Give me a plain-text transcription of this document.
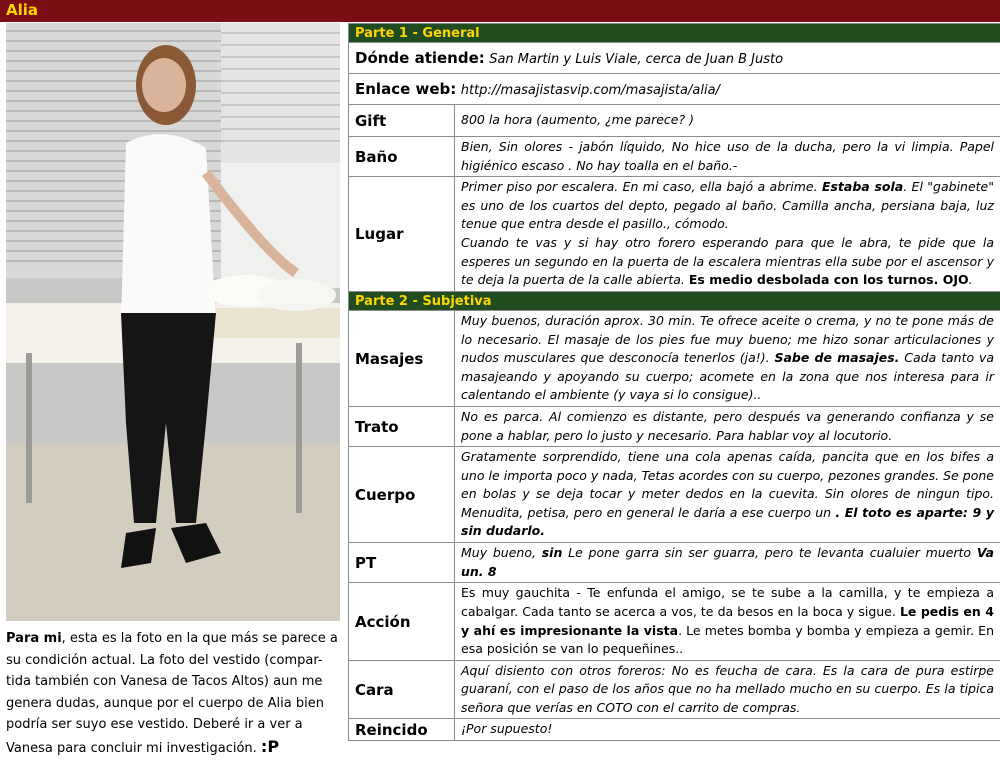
Alia
Para mi, esta es la foto en la que más se parece a su condición actual. La foto del vestido (compar-tida también con Vanesa de Tacos Altos) aun me genera dudas, aunque por el cuerpo de Alia bien podría ser suyo ese vestido. Deberé ir a ver a Vanesa para concluir mi investigación. :P
Parte 1 - General	
Dónde atiende: San Martin y Luis Viale, cerca de Juan B Justo	
Enlace web: http://masajistasvip.com/masajista/alia/	
Gift	800 la hora (aumento, ¿me parece? )
Baño	Bien, Sin olores - jabón líquido, No hice uso de la ducha, pero la vi limpia. Papel higiénico escaso . No hay toalla en el baño.-
Lugar	Primer piso por escalera. En mi caso, ella bajó a abrime. Estaba sola. El "gabinete" es uno de los cuartos del depto, pegado al baño. Camilla ancha, persiana baja, luz tenue que entra desde el pasillo., cómodo.
Cuando te vas y si hay otro forero esperando para que le abra, te pide que la esperes un segundo en la puerta de la escalera mientras ella sube por el ascensor y te deja la puerta de la calle abierta. Es medio desbolada con los turnos. OJO.
Parte 2 - Subjetiva	
Masajes	Muy buenos, duración aprox. 30 min. Te ofrece aceite o crema, y no te pone más de lo necesario. El masaje de los pies fue muy bueno; me hizo sonar articulaciones y nudos musculares que desconocía tenerlos (ja!). Sabe de masajes. Cada tanto va masajeando y apoyando su cuerpo; acomete en la zona que nos interesa para ir calentando el ambiente (y vaya si lo consigue)..
Trato	No es parca. Al comienzo es distante, pero después va generando confianza y se pone a hablar, pero lo justo y necesario. Para hablar voy al locutorio.
Cuerpo	Gratamente sorprendido, tiene una cola apenas caída, pancita que en los bifes a uno le importa poco y nada, Tetas acordes con su cuerpo, pezones grandes. Se pone en bolas y se deja tocar y meter dedos en la cuevita. Sin olores de ningun tipo. Menudita, petisa, pero en general le daría a ese cuerpo un . El toto es aparte: 9 y sin dudarlo.
PT	Muy bueno, sin Le pone garra sin ser guarra, pero te levanta cualuier muerto Va un. 8
Acción	Es muy gauchita - Te enfunda el amigo, se te sube a la camilla, y te empieza a cabalgar. Cada tanto se acerca a vos, te da besos en la boca y sigue. Le pedis en 4 y ahí es impresionante la vista. Le metes bomba y bomba y empieza a gemir. En esa posición se van lo pequeñines..
Cara	Aquí disiento con otros foreros: No es feucha de cara. Es la cara de pura estirpe guaraní, con el paso de los años que no ha mellado mucho en su cuerpo. Es la tipica señora que verías en COTO con el carrito de compras.
Reincido	¡Por supuesto!
